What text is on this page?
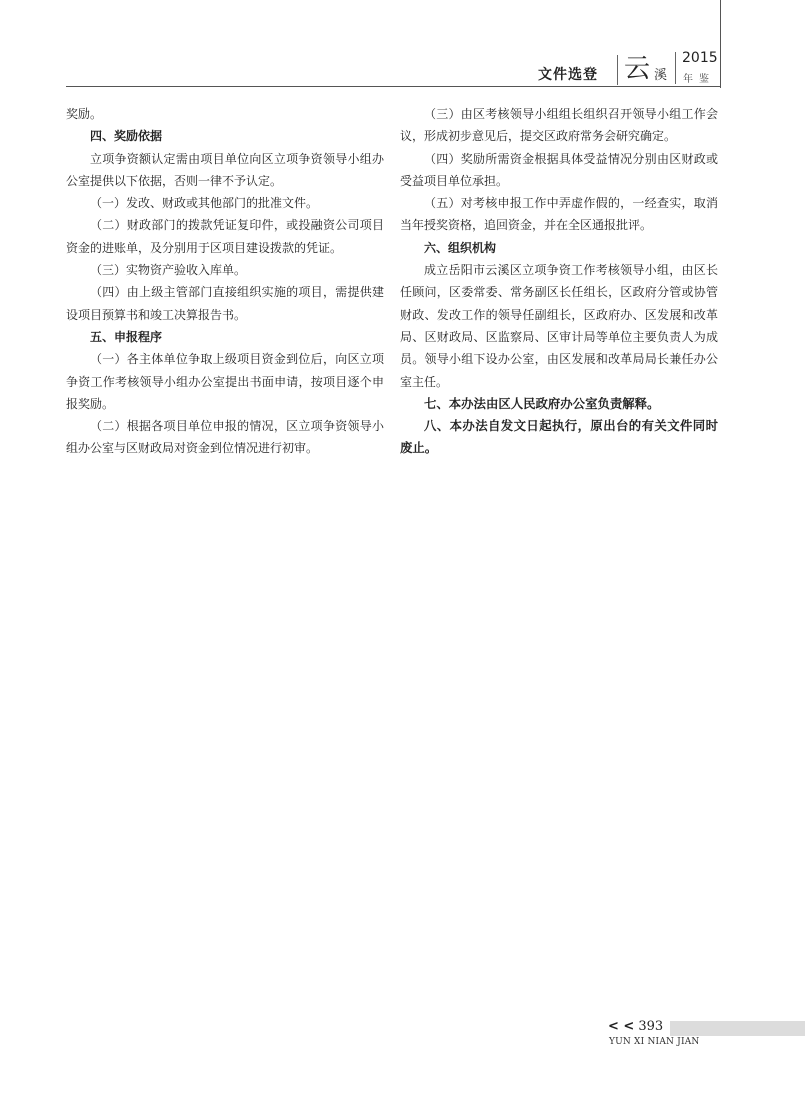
文件选登 云 溪
2015
年鉴

奖励。

四、奖励依据

立项争资额认定需由项目单位向区立项争资领导小组办公室提供以下依据，否则一律不予认定。

（一）发改、财政或其他部门的批准文件。

（二）财政部门的拨款凭证复印件，或投融资公司项目资金的进账单，及分别用于区项目建设拨款的凭证。

（三）实物资产验收入库单。

（四）由上级主管部门直接组织实施的项目，需提供建设项目预算书和竣工决算报告书。

五、申报程序

（一）各主体单位争取上级项目资金到位后，向区立项争资工作考核领导小组办公室提出书面申请，按项目逐个申报奖励。

（二）根据各项目单位申报的情况，区立项争资领导小组办公室与区财政局对资金到位情况进行初审。

（三）由区考核领导小组组长组织召开领导小组工作会议，形成初步意见后，提交区政府常务会研究确定。

（四）奖励所需资金根据具体受益情况分别由区财政或受益项目单位承担。

（五）对考核申报工作中弄虚作假的，一经查实，取消当年授奖资格，追回资金，并在全区通报批评。

六、组织机构

成立岳阳市云溪区立项争资工作考核领导小组，由区长任顾问，区委常委、常务副区长任组长，区政府分管或协管财政、发改工作的领导任副组长，区政府办、区发展和改革局、区财政局、区监察局、区审计局等单位主要负责人为成员。领导小组下设办公室，由区发展和改革局局长兼任办公室主任。

七、本办法由区人民政府办公室负责解释。

八、本办法自发文日起执行，原出台的有关文件同时废止。

< < 393
YUN XI NIAN JIAN
